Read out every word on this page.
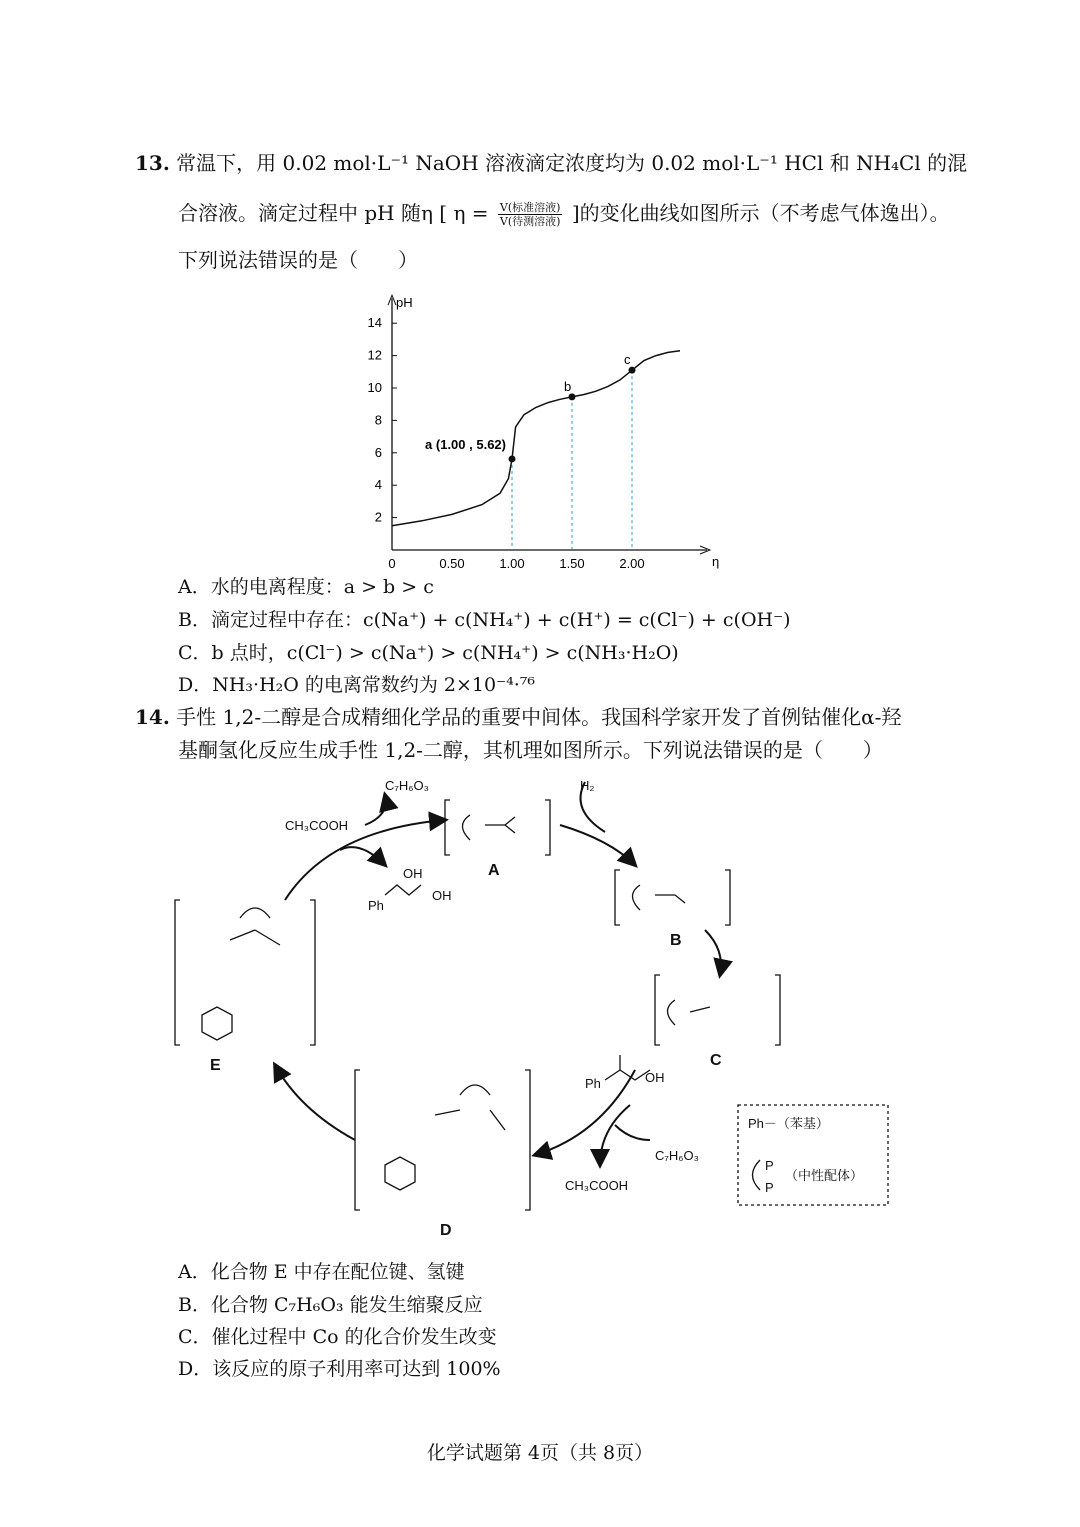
13. 常温下，用 0.02 mol·L⁻¹ NaOH 溶液滴定浓度均为 0.02 mol·L⁻¹ HCl 和 NH₄Cl 的混
合溶液。滴定过程中 pH 随η [ $\eta = \frac{\text{V(标准溶液)}}{\text{V(待测溶液)}}$ ]的变化曲线如图所示（不考虑气体逸出）。
下列说法错误的是（　　）
pH
η
2
4
6
8
10
12
14
0	0.50	1.00	1.50	2.00
a (1.00 , 5.62)
b
c
A．水的电离程度：a > b > c
B．滴定过程中存在：c(Na⁺) + c(NH₄⁺) + c(H⁺) = c(Cl⁻) + c(OH⁻)
C．b 点时，c(Cl⁻) > c(Na⁺) > c(NH₄⁺) > c(NH₃·H₂O)
D．NH₃·H₂O 的电离常数约为 2×10⁻⁴·⁷⁶
14. 手性 1,2-二醇是合成精细化学品的重要中间体。我国科学家开发了首例钴催化α-羟
基酮氢化反应生成手性 1,2-二醇，其机理如图所示。下列说法错误的是（　　）
C₇H₆O₃
CH₃COOH
H₂
OH
OH
Ph
Ph	OH
C₇H₆O₃
CH₃COOH
Ph－（苯基）
P
P
（中性配体）
A
B
C
D
E
A．化合物 E 中存在配位键、氢键
B．化合物 C₇H₆O₃ 能发生缩聚反应
C．催化过程中 Co 的化合价发生改变
D．该反应的原子利用率可达到 100%
化学试题第 4页（共 8页）
